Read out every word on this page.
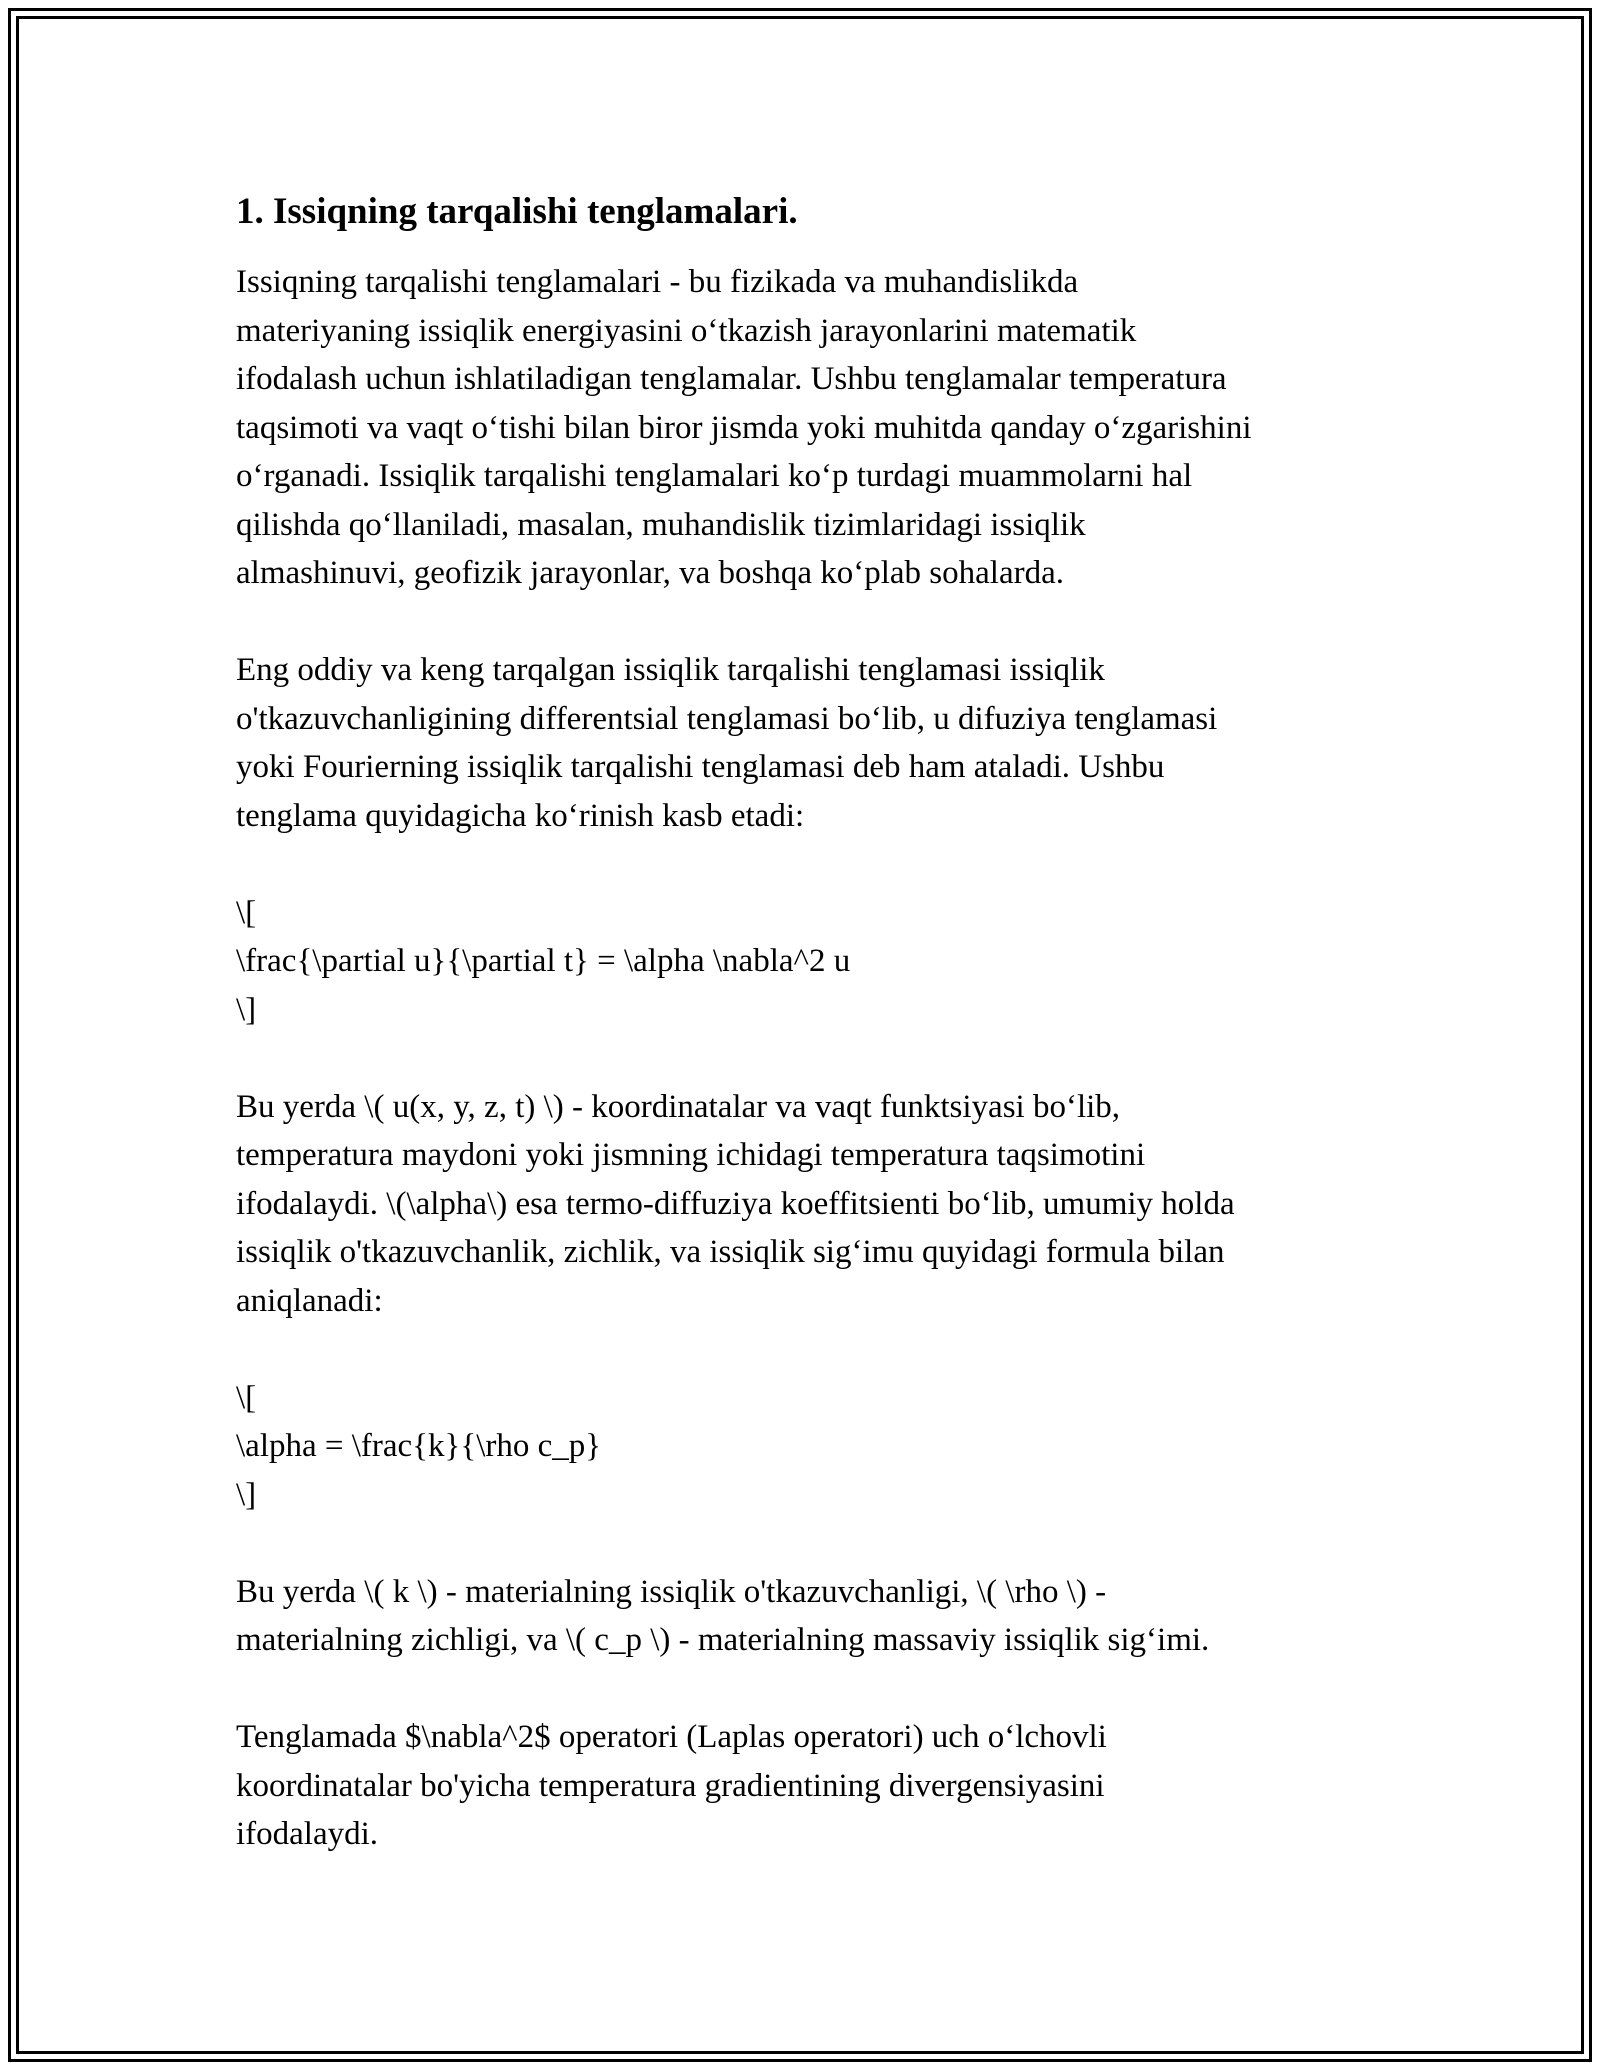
1. Issiqning tarqalishi tenglamalari.

Issiqning tarqalishi tenglamalari - bu fizikada va muhandislikda
materiyaning issiqlik energiyasini o‘tkazish jarayonlarini matematik
ifodalash uchun ishlatiladigan tenglamalar. Ushbu tenglamalar temperatura
taqsimoti va vaqt o‘tishi bilan biror jismda yoki muhitda qanday o‘zgarishini
o‘rganadi. Issiqlik tarqalishi tenglamalari ko‘p turdagi muammolarni hal
qilishda qo‘llaniladi, masalan, muhandislik tizimlaridagi issiqlik
almashinuvi, geofizik jarayonlar, va boshqa ko‘plab sohalarda.

Eng oddiy va keng tarqalgan issiqlik tarqalishi tenglamasi issiqlik
o'tkazuvchanligining differentsial tenglamasi bo‘lib, u difuziya tenglamasi
yoki Fourierning issiqlik tarqalishi tenglamasi deb ham ataladi. Ushbu
tenglama quyidagicha ko‘rinish kasb etadi:

\[
\frac{\partial u}{\partial t} = \alpha \nabla^2 u
\]

Bu yerda \( u(x, y, z, t) \) - koordinatalar va vaqt funktsiyasi bo‘lib,
temperatura maydoni yoki jismning ichidagi temperatura taqsimotini
ifodalaydi. \(\alpha\) esa termo-diffuziya koeffitsienti bo‘lib, umumiy holda
issiqlik o'tkazuvchanlik, zichlik, va issiqlik sig‘imu quyidagi formula bilan
aniqlanadi:

\[
\alpha = \frac{k}{\rho c_p}
\]

Bu yerda \( k \) - materialning issiqlik o'tkazuvchanligi, \( \rho \) -
materialning zichligi, va \( c_p \) - materialning massaviy issiqlik sig‘imi.

Tenglamada $\nabla^2$ operatori (Laplas operatori) uch o‘lchovli
koordinatalar bo'yicha temperatura gradientining divergensiyasini
ifodalaydi.
